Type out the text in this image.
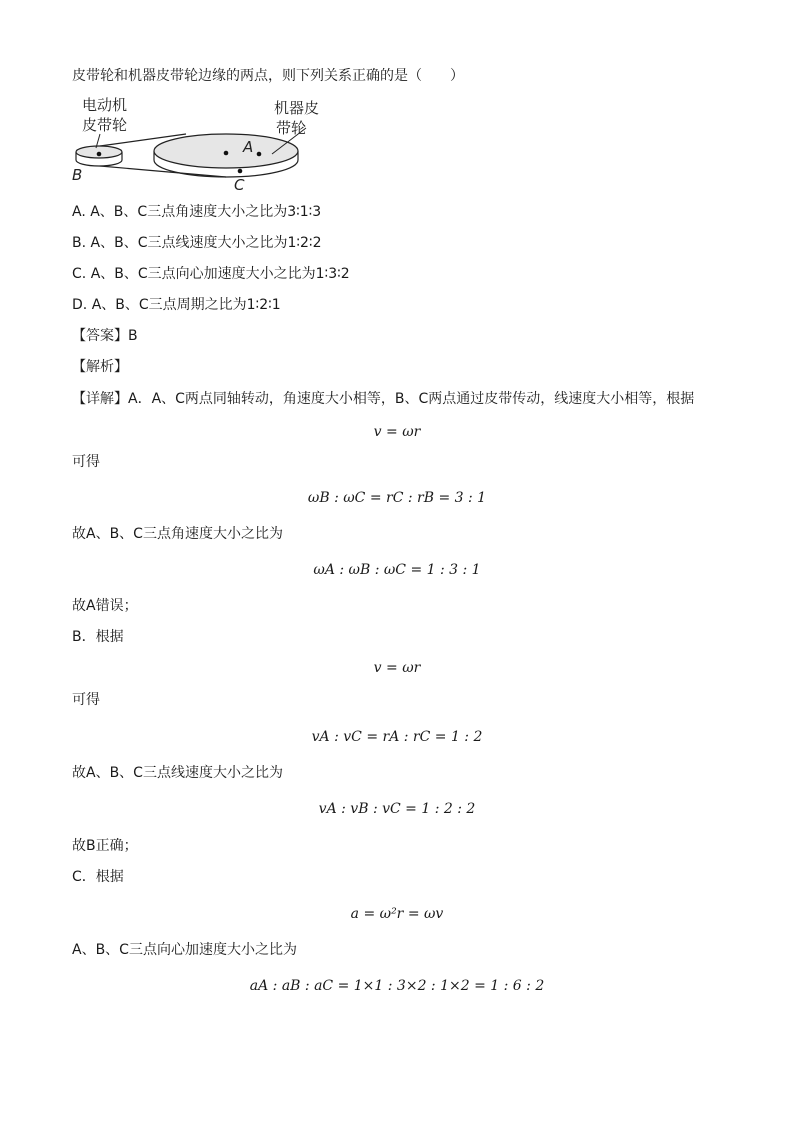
皮带轮和机器皮带轮边缘的两点，则下列关系正确的是（　　）
电动机
皮带轮
机器皮
带轮
A
B
C
A. A、B、C三点角速度大小之比为3∶1∶3
B. A、B、C三点线速度大小之比为1∶2∶2
C. A、B、C三点向心加速度大小之比为1∶3∶2
D. A、B、C三点周期之比为1∶2∶1
【答案】B
【解析】
【详解】A．A、C两点同轴转动，角速度大小相等，B、C两点通过皮带传动，线速度大小相等，根据
v = ωr
可得
ωB : ωC = rC : rB = 3 : 1
故A、B、C三点角速度大小之比为
ωA : ωB : ωC = 1 : 3 : 1
故A错误；
B．根据
v = ωr
可得
vA : vC = rA : rC = 1 : 2
故A、B、C三点线速度大小之比为
vA : vB : vC = 1 : 2 : 2
故B正确；
C．根据
a = ω²r = ωv
A、B、C三点向心加速度大小之比为
aA : aB : aC = 1×1 : 3×2 : 1×2 = 1 : 6 : 2
